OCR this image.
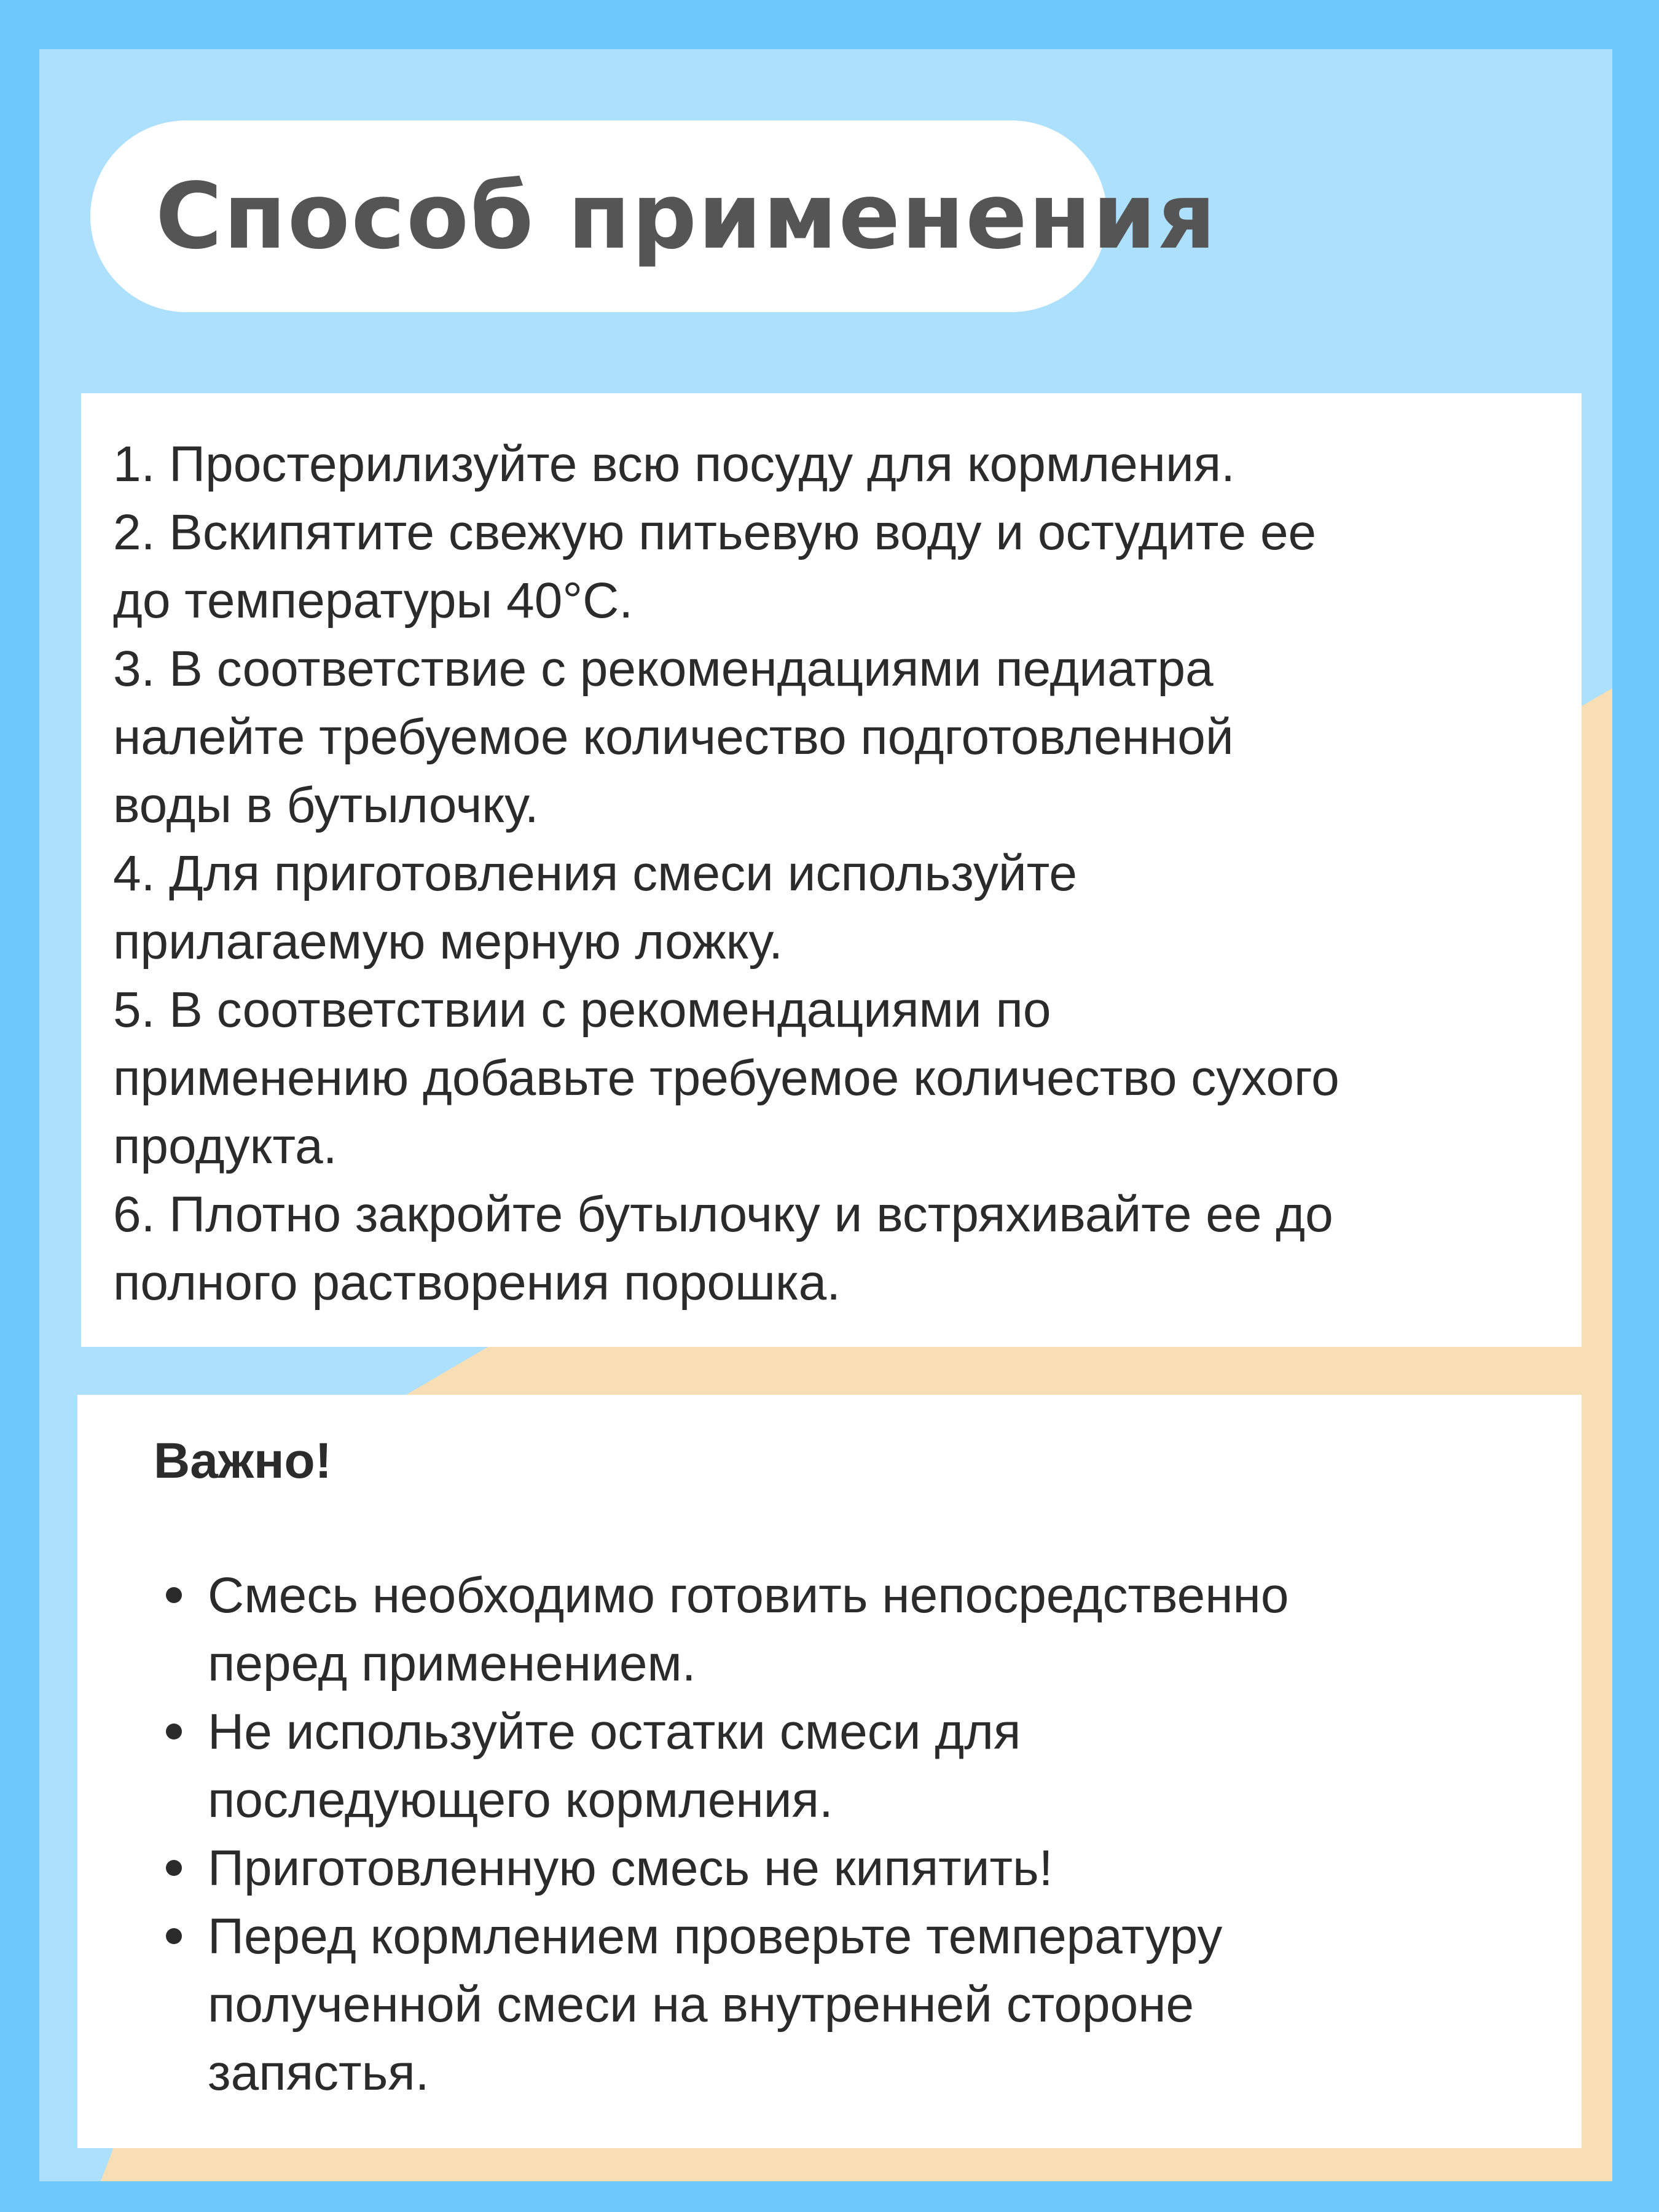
Способ применения

1. Простерилизуйте всю посуду для кормления.

2. Вскипятите свежую питьевую воду и остудите ее
до температуры 40°С.

3. В соответствие с рекомендациями педиатра
налейте требуемое количество подготовленной
воды в бутылочку.

4. Для приготовления смеси используйте
прилагаемую мерную ложку.

5. В соответствии с рекомендациями по
применению добавьте требуемое количество сухого
продукта.

6. Плотно закройте бутылочку и встряхивайте ее до
полного растворения порошка.

Важно!

Смесь необходимо готовить непосредственно
перед применением.
Не используйте остатки смеси для
последующего кормления.
Приготовленную смесь не кипятить!
Перед кормлением проверьте температуру
полученной смеси на внутренней стороне
запястья.
